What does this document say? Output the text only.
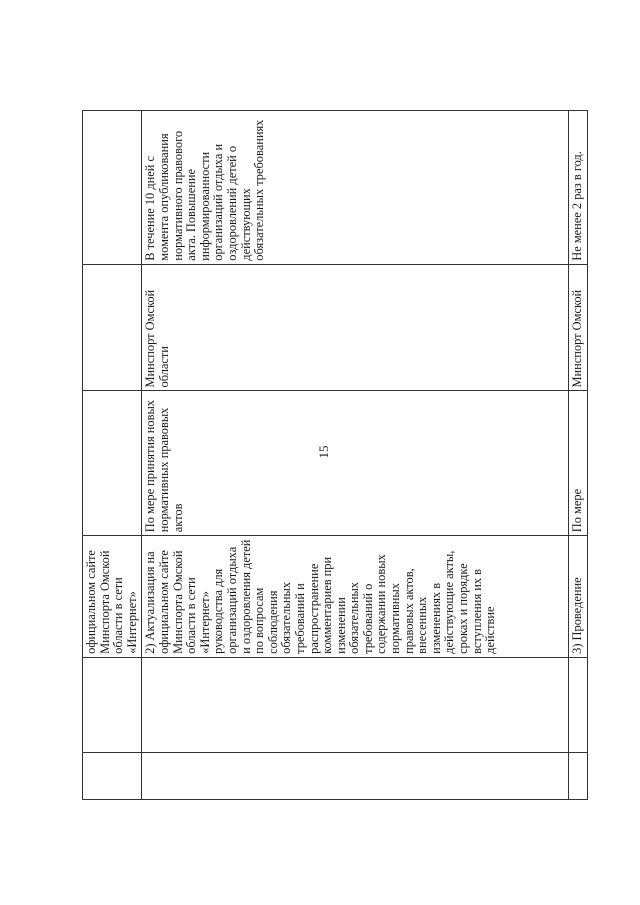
		официальном сайте Минспорта Омской области в сети «Интернет»			
		2) Актуализация на официальном сайте Минспорта Омской области в сети «Интернет» руководства для организаций отдыха и оздоровления детей по вопросам соблюдения обязательных требований и распространение комментариев при изменении обязательных требований о содержании новых нормативных правовых актов, внесенных изменениях в действующие акты, сроках и порядке вступления их в действие	По мере принятия новых нормативных правовых актов	Минспорт Омской области	В течение 10 дней с момента опубликования нормативного правового акта. Повышение информированности организаций отдыха и оздоровлений детей о действующих обязательных требованиях
		3) Проведение	По мере	Минспорт Омской	Не менее 2 раз в год.
15
